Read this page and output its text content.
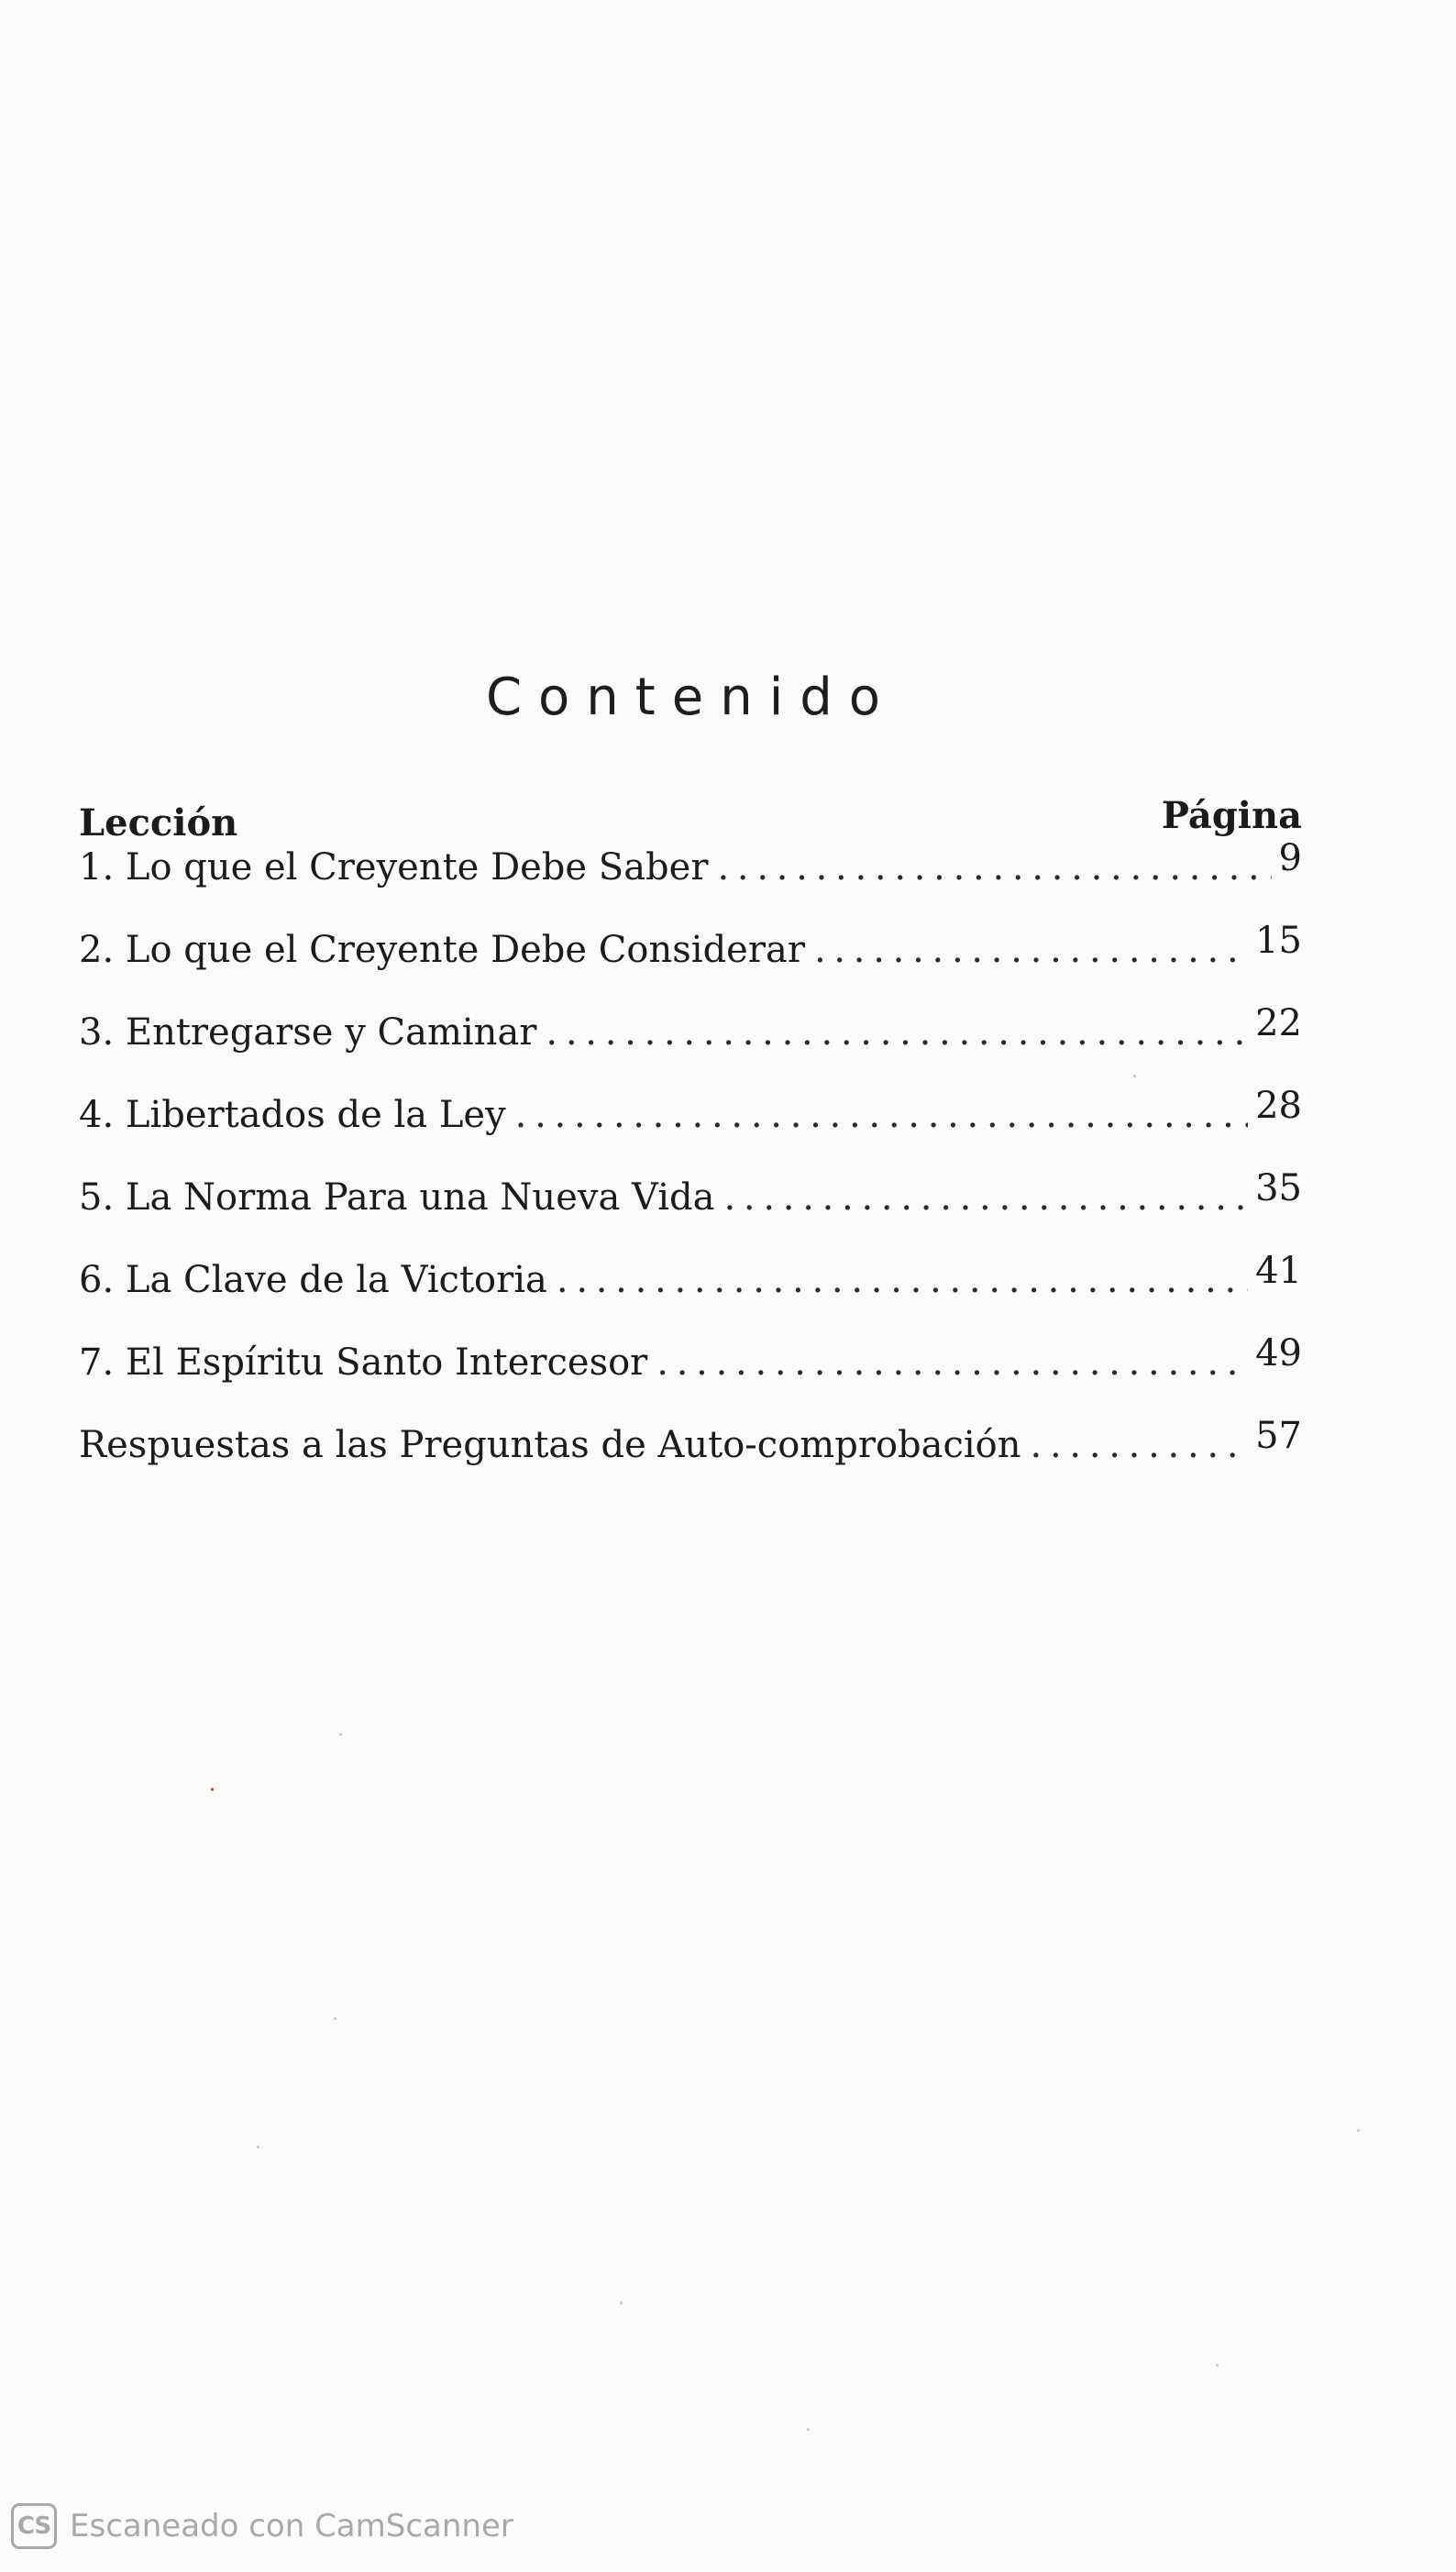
Contenido
Lección	Página
1. Lo que el Creyente Debe Saber . . .	9
2. Lo que el Creyente Debe Considerar . . .	15
3. Entregarse y Caminar . . .	22
4. Libertados de la Ley . . .	28
5. La Norma Para una Nueva Vida . . .	35
6. La Clave de la Victoria . . .	41
7. El Espíritu Santo Intercesor . . .	49
Respuestas a las Preguntas de Auto-comprobación . . .	57
CS Escaneado con CamScanner
